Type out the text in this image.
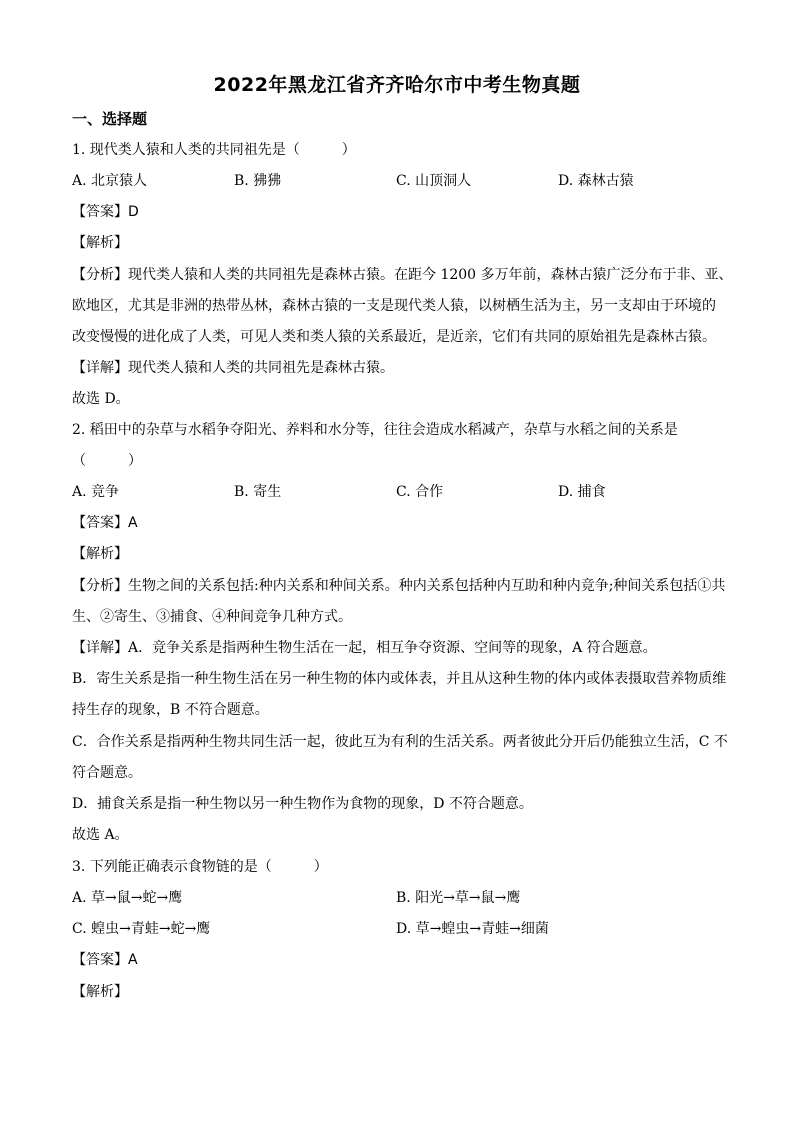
2022年黑龙江省齐齐哈尔市中考生物真题
一、选择题
1. 现代类人猿和人类的共同祖先是（　　　）
A. 北京猿人	B. 狒狒	C. 山顶洞人	D. 森林古猿
【答案】D
【解析】
【分析】现代类人猿和人类的共同祖先是森林古猿。在距今 1200 多万年前，森林古猿广泛分布于非、亚、
欧地区，尤其是非洲的热带丛林，森林古猿的一支是现代类人猿，以树栖生活为主，另一支却由于环境的
改变慢慢的进化成了人类，可见人类和类人猿的关系最近，是近亲，它们有共同的原始祖先是森林古猿。
【详解】现代类人猿和人类的共同祖先是森林古猿。
故选 D。
2. 稻田中的杂草与水稻争夺阳光、养料和水分等，往往会造成水稻减产，杂草与水稻之间的关系是
（　　　）
A. 竞争	B. 寄生	C. 合作	D. 捕食
【答案】A
【解析】
【分析】生物之间的关系包括:种内关系和种间关系。种内关系包括种内互助和种内竞争;种间关系包括①共
生、②寄生、③捕食、④种间竞争几种方式。
【详解】A．竞争关系是指两种生物生活在一起，相互争夺资源、空间等的现象，A 符合题意。
B．寄生关系是指一种生物生活在另一种生物的体内或体表，并且从这种生物的体内或体表摄取营养物质维
持生存的现象，B 不符合题意。
C．合作关系是指两种生物共同生活一起，彼此互为有利的生活关系。两者彼此分开后仍能独立生活，C 不
符合题意。
D．捕食关系是指一种生物以另一种生物作为食物的现象，D 不符合题意。
故选 A。
3. 下列能正确表示食物链的是（　　　）
A. 草→鼠→蛇→鹰	B. 阳光→草→鼠→鹰
C. 蝗虫→青蛙→蛇→鹰	D. 草→蝗虫→青蛙→细菌
【答案】A
【解析】
